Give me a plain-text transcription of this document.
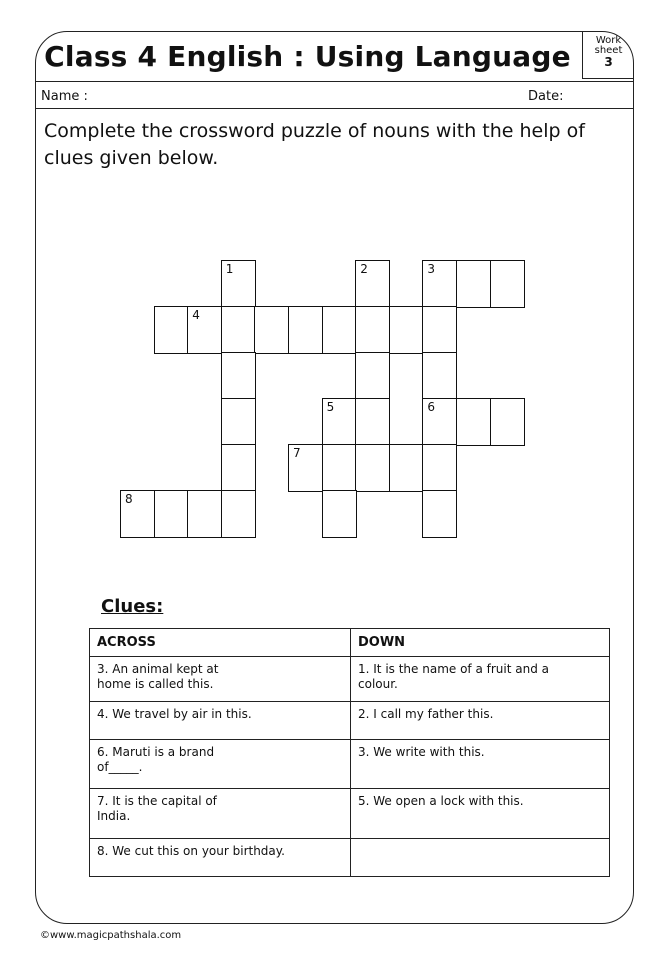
Class 4 English : Using Language	Work sheet
3
Name :	Date:
Complete the crossword puzzle of nouns with the help of clues given below.
1	2	3
4
5	6
7
8
Clues:
ACROSS	DOWN
3. An animal kept at
home is called this.	1. It is the name of a fruit and a
colour.
4. We travel by air in this.	2. I call my father this.
6. Maruti is a brand
of_____.	3. We write with this.
7. It is the capital of
India.	5. We open a lock with this.
8. We cut this on your birthday.	
©www.magicpathshala.com
